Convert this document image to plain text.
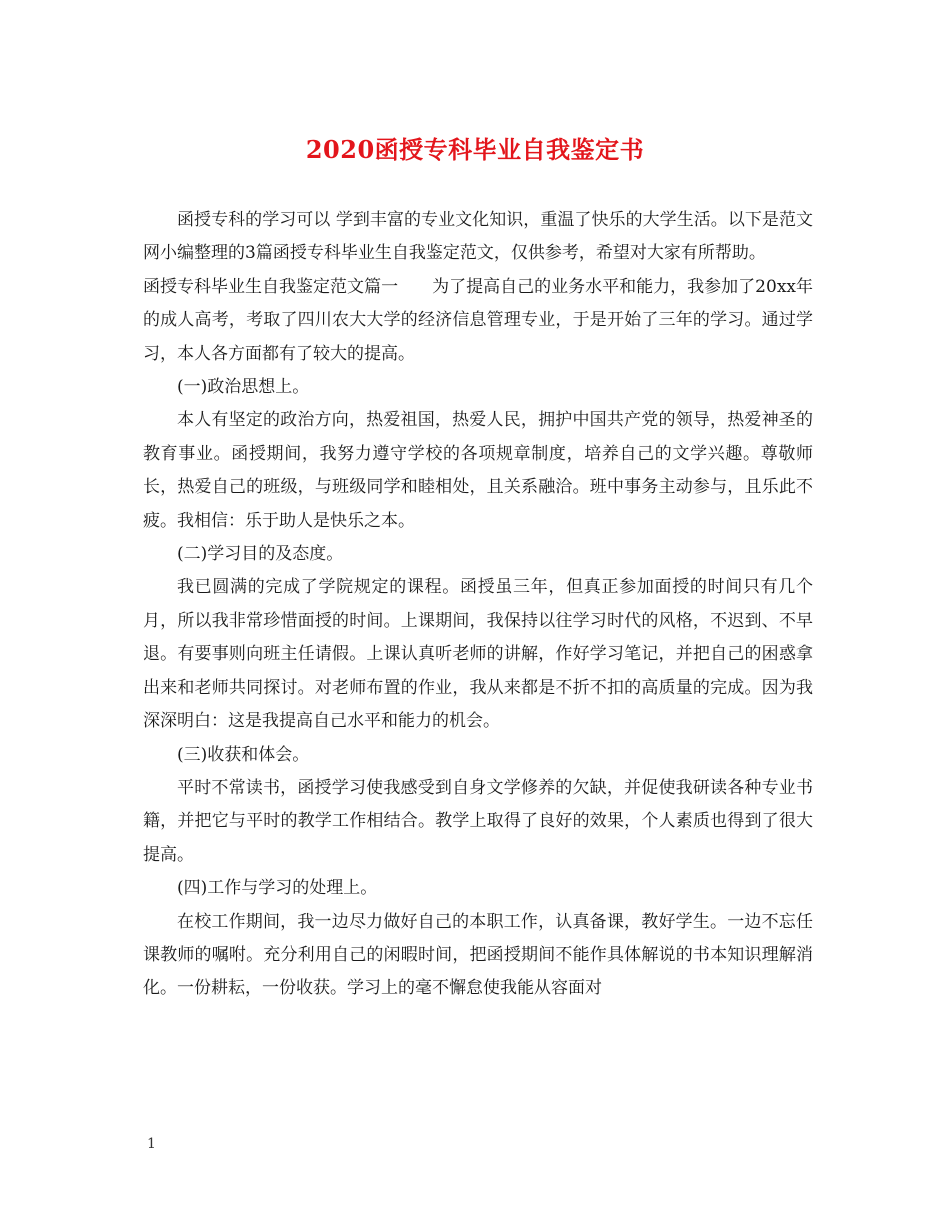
2020函授专科毕业自我鉴定书

函授专科的学习可以 学到丰富的专业文化知识，重温了快乐的大学生活。以下是范文网小编整理的3篇函授专科毕业生自我鉴定范文，仅供参考，希望对大家有所帮助。

函授专科毕业生自我鉴定范文篇一　　为了提高自己的业务水平和能力，我参加了20xx年的成人高考，考取了四川农大大学的经济信息管理专业，于是开始了三年的学习。通过学习，本人各方面都有了较大的提高。

(一)政治思想上。

本人有坚定的政治方向，热爱祖国，热爱人民，拥护中国共产党的领导，热爱神圣的教育事业。函授期间，我努力遵守学校的各项规章制度，培养自己的文学兴趣。尊敬师长，热爱自己的班级，与班级同学和睦相处，且关系融洽。班中事务主动参与，且乐此不疲。我相信：乐于助人是快乐之本。

(二)学习目的及态度。

我已圆满的完成了学院规定的课程。函授虽三年，但真正参加面授的时间只有几个月，所以我非常珍惜面授的时间。上课期间，我保持以往学习时代的风格，不迟到、不早退。有要事则向班主任请假。上课认真听老师的讲解，作好学习笔记，并把自己的困惑拿出来和老师共同探讨。对老师布置的作业，我从来都是不折不扣的高质量的完成。因为我深深明白：这是我提高自己水平和能力的机会。

(三)收获和体会。

平时不常读书，函授学习使我感受到自身文学修养的欠缺，并促使我研读各种专业书籍，并把它与平时的教学工作相结合。教学上取得了良好的效果，个人素质也得到了很大提高。

(四)工作与学习的处理上。

在校工作期间，我一边尽力做好自己的本职工作，认真备课，教好学生。一边不忘任课教师的嘱咐。充分利用自己的闲暇时间，把函授期间不能作具体解说的书本知识理解消化。一份耕耘，一份收获。学习上的毫不懈怠使我能从容面对

1
